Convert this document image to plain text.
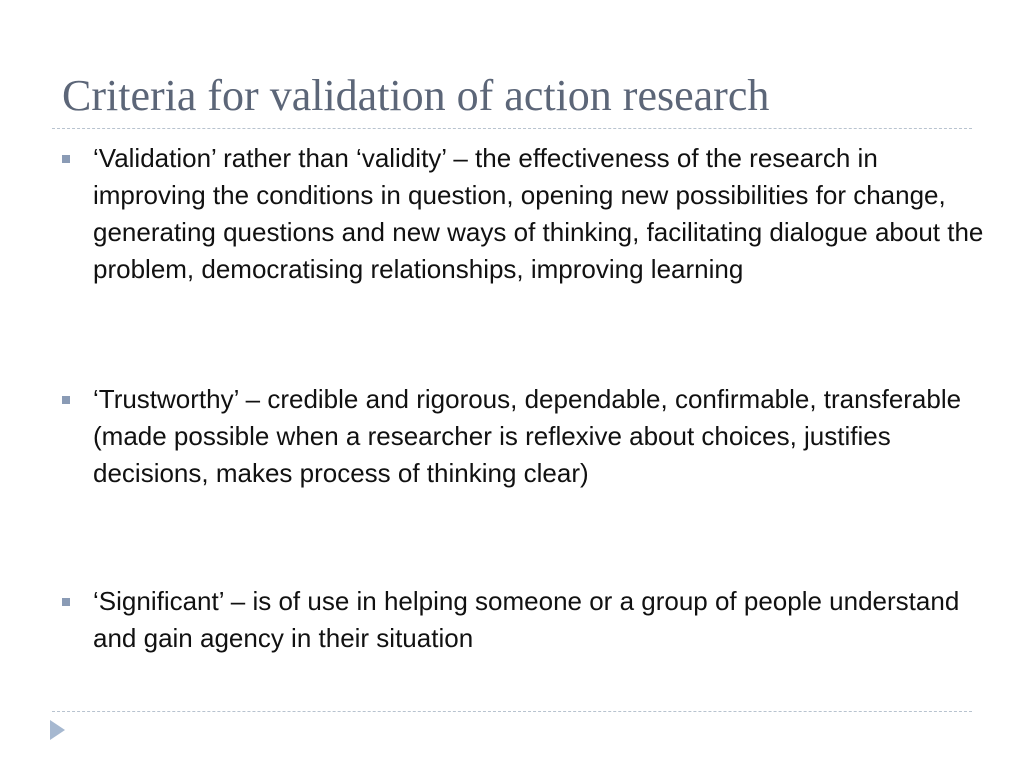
Criteria for validation of action research
‘Validation’ rather than ‘validity’ – the effectiveness of the research in improving the conditions in question, opening new possibilities for change, generating questions and new ways of thinking, facilitating dialogue about the problem, democratising relationships, improving learning
‘Trustworthy’ – credible and rigorous, dependable, confirmable, transferable (made possible when a researcher is reflexive about choices, justifies decisions, makes process of thinking clear)
‘Significant’ – is of use in helping someone or a group of people understand and gain agency in their situation
